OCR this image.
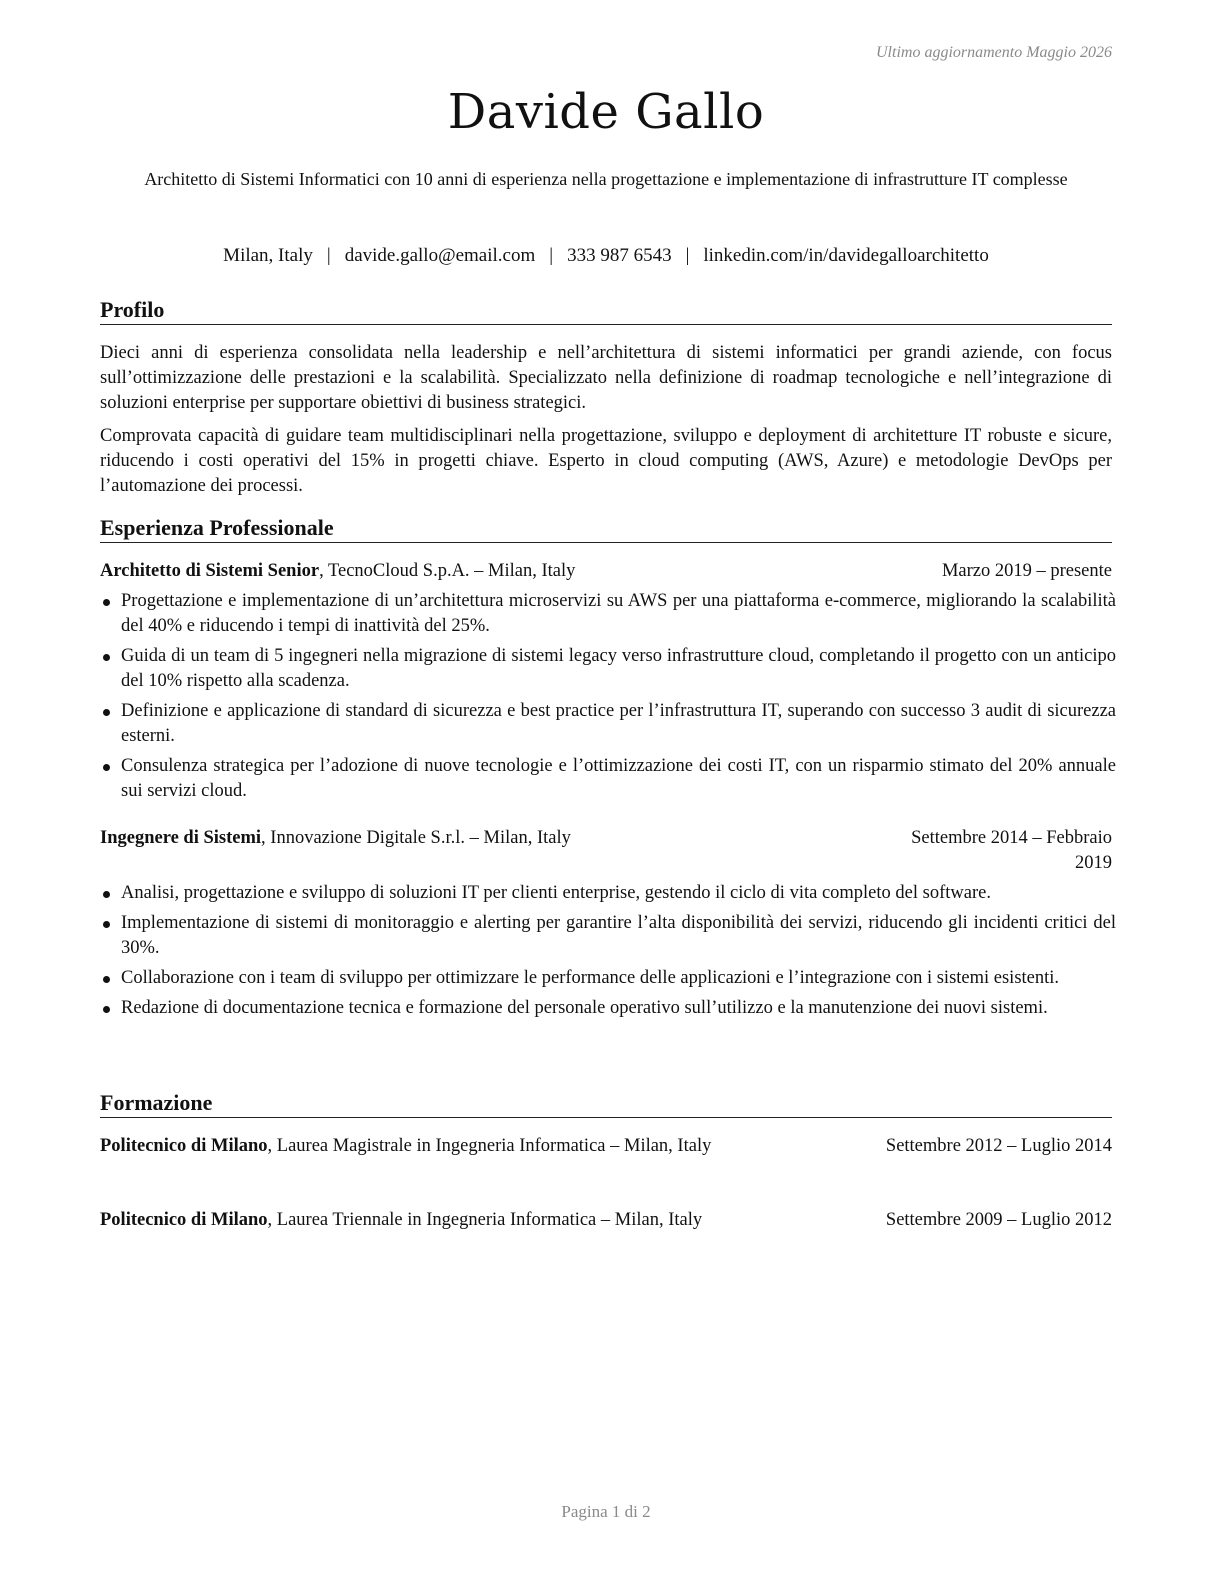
Ultimo aggiornamento Maggio 2026
Davide Gallo
Architetto di Sistemi Informatici con 10 anni di esperienza nella progettazione e implementazione di infrastrutture IT complesse
Milan, Italy | davide.gallo@email.com | 333 987 6543 | linkedin.com/in/davidegalloarchitetto
Profilo
Dieci anni di esperienza consolidata nella leadership e nell’architettura di sistemi informatici per grandi aziende, con focus sull’ottimizzazione delle prestazioni e la scalabilità. Specializzato nella definizione di roadmap tecnologiche e nell’integrazione di soluzioni enterprise per supportare obiettivi di business strategici.
Comprovata capacità di guidare team multidisciplinari nella progettazione, sviluppo e deployment di architetture IT robuste e sicure, riducendo i costi operativi del 15% in progetti chiave. Esperto in cloud computing (AWS, Azure) e metodologie DevOps per l’automazione dei processi.
Esperienza Professionale
Architetto di Sistemi Senior, TecnoCloud S.p.A. – Milan, Italy	Marzo 2019 – presente
Progettazione e implementazione di un’architettura microservizi su AWS per una piattaforma e-commerce, migliorando la scalabilità del 40% e riducendo i tempi di inattività del 25%.
Guida di un team di 5 ingegneri nella migrazione di sistemi legacy verso infrastrutture cloud, completando il progetto con un anticipo del 10% rispetto alla scadenza.
Definizione e applicazione di standard di sicurezza e best practice per l’infrastruttura IT, superando con successo 3 audit di sicurezza esterni.
Consulenza strategica per l’adozione di nuove tecnologie e l’ottimizzazione dei costi IT, con un risparmio stimato del 20% annuale sui servizi cloud.
Ingegnere di Sistemi, Innovazione Digitale S.r.l. – Milan, Italy	Settembre 2014 – Febbraio 2019
Analisi, progettazione e sviluppo di soluzioni IT per clienti enterprise, gestendo il ciclo di vita completo del software.
Implementazione di sistemi di monitoraggio e alerting per garantire l’alta disponibilità dei servizi, riducendo gli incidenti critici del 30%.
Collaborazione con i team di sviluppo per ottimizzare le performance delle applicazioni e l’integrazione con i sistemi esistenti.
Redazione di documentazione tecnica e formazione del personale operativo sull’utilizzo e la manutenzione dei nuovi sistemi.
Formazione
Politecnico di Milano, Laurea Magistrale in Ingegneria Informatica – Milan, Italy	Settembre 2012 – Luglio 2014
Politecnico di Milano, Laurea Triennale in Ingegneria Informatica – Milan, Italy	Settembre 2009 – Luglio 2012
Pagina 1 di 2
